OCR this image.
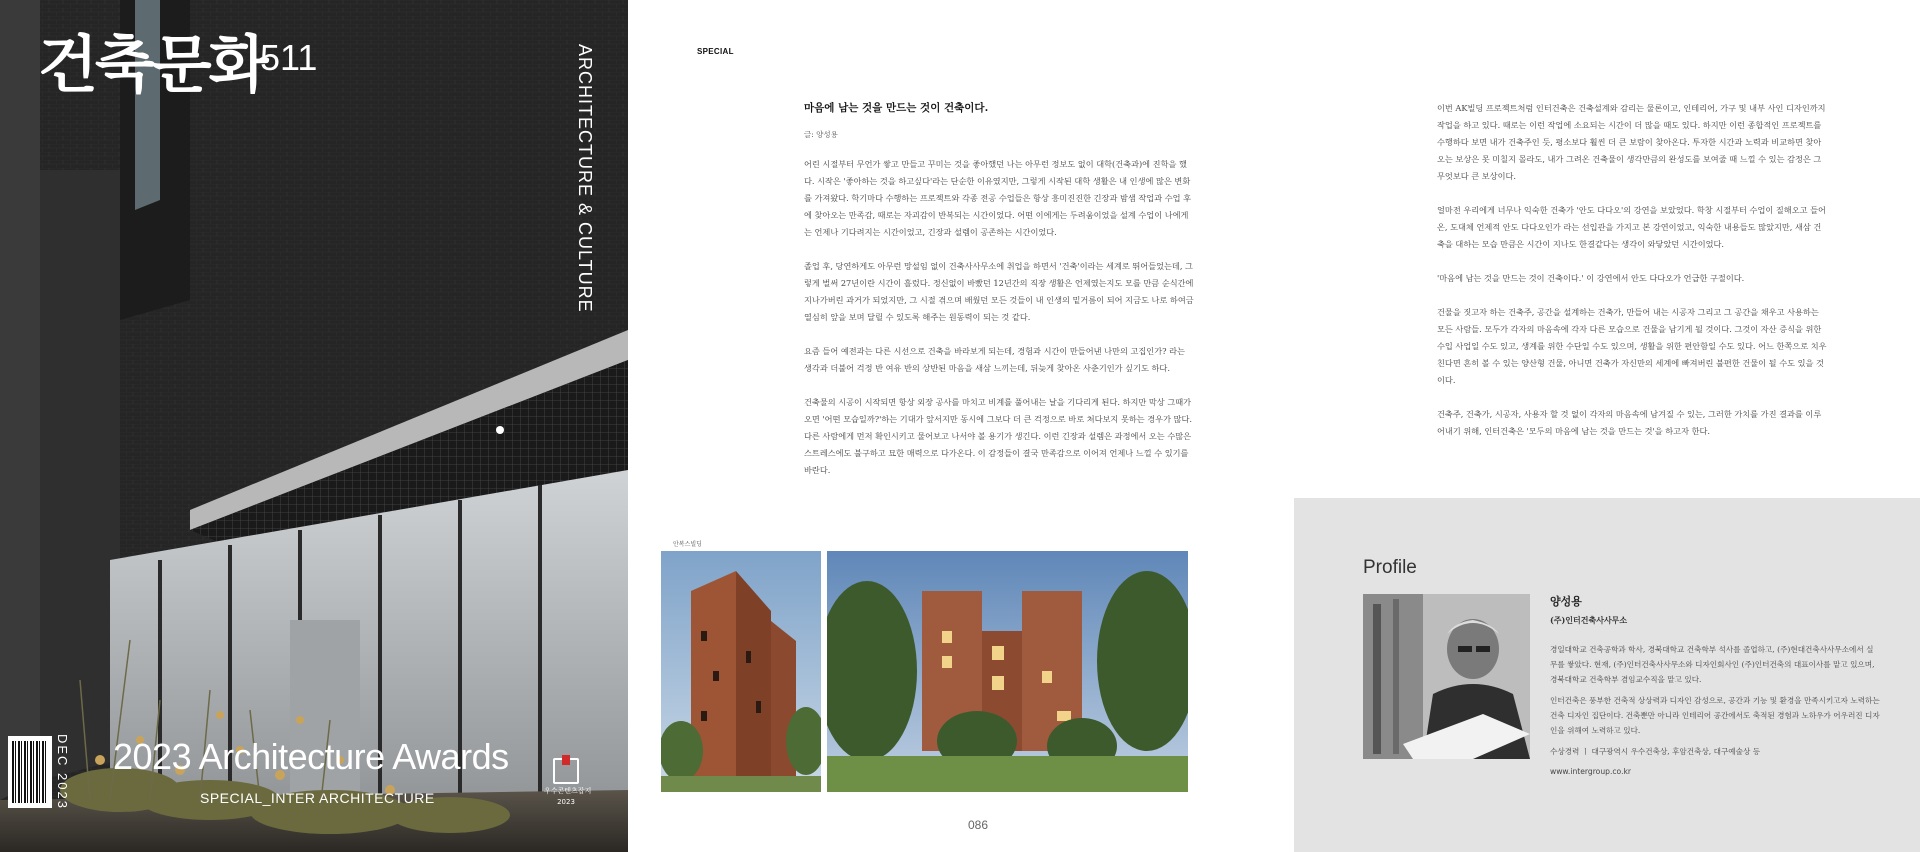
건축문화
511	ARCHITECTURE & CULTURE
DEC 2023 2023 Architecture Awards
SPECIAL_INTER ARCHITECTURE	우수콘텐츠잡지
2023
SPECIAL
마음에 남는 것을 만드는 것이 건축이다.
글: 양성용

어린 시절부터 무언가 쌓고 만들고 꾸미는 것을 좋아했던 나는 아무런 정보도 없이 대학(건축과)에 진학을 했다. 시작은 '좋아하는 것을 하고싶다'라는 단순한 이유였지만, 그렇게 시작된 대학 생활은 내 인생에 많은 변화를 가져왔다. 학기마다 수행하는 프로젝트와 각종 전공 수업들은 항상 흥미진진한 긴장과 밤샘 작업과 수업 후에 찾아오는 만족감, 때로는 자괴감이 반복되는 시간이었다. 어떤 이에게는 두려움이었을 설계 수업이 나에게는 언제나 기다려지는 시간이었고, 긴장과 설렘이 공존하는 시간이었다.

졸업 후, 당연하게도 아무런 망설임 없이 건축사사무소에 취업을 하면서 '건축'이라는 세계로 뛰어들었는데, 그렇게 벌써 27년이란 시간이 흘렀다. 정신없이 바빴던 12년간의 직장 생활은 언제였는지도 모를 만큼 순식간에 지나가버린 과거가 되었지만, 그 시절 겪으며 배웠던 모든 것들이 내 인생의 밑거름이 되어 지금도 나로 하여금 열심히 앞을 보며 달릴 수 있도록 해주는 원동력이 되는 것 같다.

요즘 들어 예전과는 다른 시선으로 건축을 바라보게 되는데, 경험과 시간이 만들어낸 나만의 고집인가? 라는 생각과 더불어 걱정 반 여유 반의 상반된 마음을 새삼 느끼는데, 뒤늦게 찾아온 사춘기인가 싶기도 하다.

건축물의 시공이 시작되면 항상 외장 공사를 마치고 비계를 풀어내는 날을 기다리게 된다. 하지만 막상 그때가 오면 '어떤 모습일까?'하는 기대가 앞서지만 동시에 그보다 더 큰 걱정으로 바로 쳐다보지 못하는 경우가 많다. 다른 사람에게 먼저 확인시키고 물어보고 나서야 볼 용기가 생긴다. 이런 긴장과 설렘은 과정에서 오는 수많은 스트레스에도 불구하고 묘한 매력으로 다가온다. 이 감정들이 결국 만족감으로 이어져 언제나 느낄 수 있기를 바란다.

이번 AK빌딩 프로젝트처럼 인터건축은 건축설계와 감리는 물론이고, 인테리어, 가구 및 내부 사인 디자인까지 작업을 하고 있다. 때로는 이런 작업에 소요되는 시간이 더 많을 때도 있다. 하지만 이런 종합적인 프로젝트를 수행하다 보면 내가 건축주인 듯, 평소보다 훨씬 더 큰 보람이 찾아온다. 투자한 시간과 노력과 비교하면 찾아오는 보상은 못 미칠지 몰라도, 내가 그려온 건축물이 생각만큼의 완성도를 보여줄 때 느낄 수 있는 감정은 그 무엇보다 큰 보상이다.

얼마전 우리에게 너무나 익숙한 건축가 '안도 다다오'의 강연을 보았었다. 학창 시절부터 수업이 질해오고 들어온, 도대체 언제적 안도 다다오인가 라는 선입관을 가지고 본 강연이었고, 익숙한 내용들도 많았지만, 새삼 건축을 대하는 모습 만큼은 시간이 지나도 한결같다는 생각이 와닿았던 시간이었다.

'마음에 남는 것을 만드는 것이 건축이다.' 이 강연에서 안도 다다오가 언급한 구절이다.

건물을 짓고자 하는 건축주, 공간을 설계하는 건축가, 만들어 내는 시공자 그리고 그 공간을 채우고 사용하는 모든 사람들. 모두가 각자의 마음속에 각자 다른 모습으로 건물을 남기게 될 것이다. 그것이 자산 증식을 위한 수입 사업일 수도 있고, 생계를 위한 수단일 수도 있으며, 생활을 위한 편안함일 수도 있다. 어느 한쪽으로 치우친다면 흔히 볼 수 있는 양산형 건물, 아니면 건축가 자신만의 세계에 빠져버린 불편한 건물이 될 수도 있을 것이다.

건축주, 건축가, 시공자, 사용자 할 것 없이 각자의 마음속에 남겨질 수 있는, 그러한 가치를 가진 결과를 이루어내기 위해, 인터건축은 '모두의 마음에 남는 것을 만드는 것'을 하고자 한다.

안복스빌딩
086
Profile
양성용
(주)인터건축사사무소

경일대학교 건축공학과 학사, 경북대학교 건축학부 석사를 졸업하고, (주)현대건축사사무소에서 실무를 쌓았다. 현재, (주)인터건축사사무소와 디자인회사인 (주)인터건축의 대표이사를 맡고 있으며, 경북대학교 건축학부 겸임교수직을 맡고 있다.

인터건축은 풍부한 건축적 상상력과 디자인 감성으로, 공간과 기능 및 환경을 만족시키고자 노력하는 건축 디자인 집단이다. 건축뿐만 아니라 인테리어 공간에서도 축적된 경험과 노하우가 어우러진 디자인을 위해여 노력하고 있다.

수상경력 ㅣ 대구광역시 우수건축상, 후암건축상, 대구예술상 등

www.intergroup.co.kr
